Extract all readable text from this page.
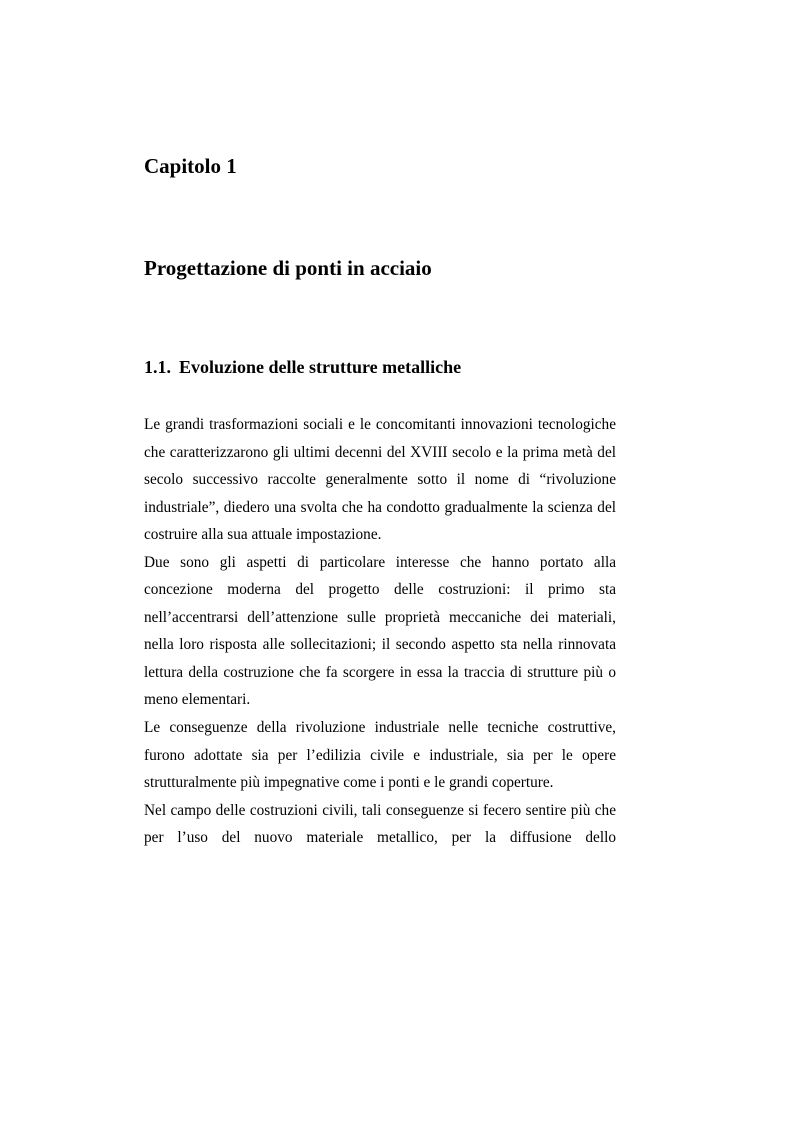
Capitolo 1
Progettazione di ponti in acciaio
1.1. Evoluzione delle strutture metalliche

Le grandi trasformazioni sociali e le concomitanti innovazioni tecnologiche che caratterizzarono gli ultimi decenni del XVIII secolo e la prima metà del secolo successivo raccolte generalmente sotto il nome di “rivoluzione industriale”, diedero una svolta che ha condotto gradualmente la scienza del costruire alla sua attuale impostazione.

Due sono gli aspetti di particolare interesse che hanno portato alla concezione moderna del progetto delle costruzioni: il primo sta nell’accentrarsi dell’attenzione sulle proprietà meccaniche dei materiali, nella loro risposta alle sollecitazioni; il secondo aspetto sta nella rinnovata lettura della costruzione che fa scorgere in essa la traccia di strutture più o meno elementari.

Le conseguenze della rivoluzione industriale nelle tecniche costruttive, furono adottate sia per l’edilizia civile e industriale, sia per le opere strutturalmente più impegnative come i ponti e le grandi coperture.

Nel campo delle costruzioni civili, tali conseguenze si fecero sentire più che per l’uso del nuovo materiale metallico, per la diffusione dello
